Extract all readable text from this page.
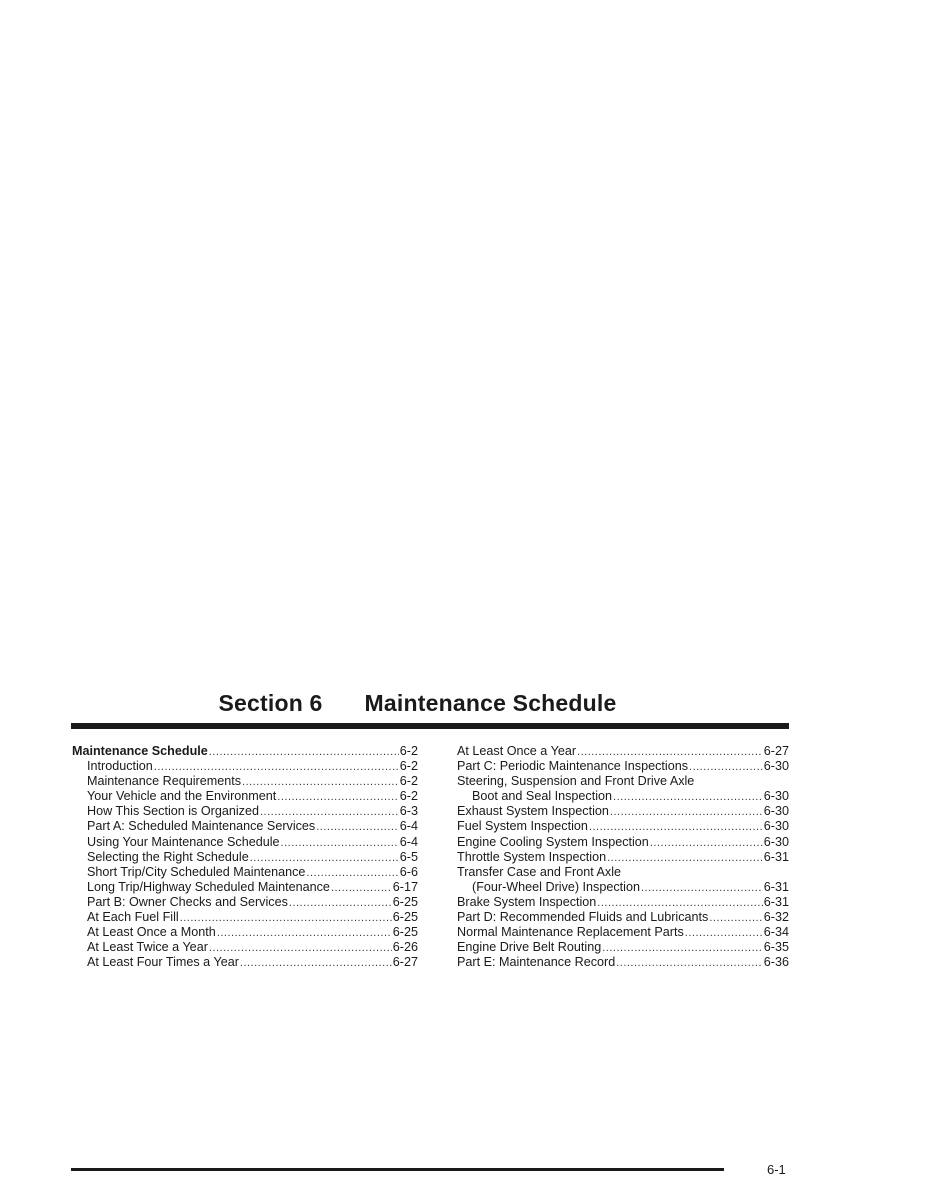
Section 6 Maintenance Schedule
Maintenance Schedule .....	6-2
Introduction .....	6-2
Maintenance Requirements .....	6-2
Your Vehicle and the Environment .....	6-2
How This Section is Organized .....	6-3
Part A: Scheduled Maintenance Services .....	6-4
Using Your Maintenance Schedule .....	6-4
Selecting the Right Schedule .....	6-5
Short Trip/City Scheduled Maintenance .....	6-6
Long Trip/Highway Scheduled Maintenance .....	6-17
Part B: Owner Checks and Services .....	6-25
At Each Fuel Fill .....	6-25
At Least Once a Month .....	6-25
At Least Twice a Year .....	6-26
At Least Four Times a Year .....	6-27
At Least Once a Year .....	6-27
Part C: Periodic Maintenance Inspections .....	6-30
Steering, Suspension and Front Drive Axle
Boot and Seal Inspection .....	6-30
Exhaust System Inspection .....	6-30
Fuel System Inspection .....	6-30
Engine Cooling System Inspection .....	6-30
Throttle System Inspection .....	6-31
Transfer Case and Front Axle
(Four-Wheel Drive) Inspection .....	6-31
Brake System Inspection .....	6-31
Part D: Recommended Fluids and Lubricants .....	6-32
Normal Maintenance Replacement Parts .....	6-34
Engine Drive Belt Routing .....	6-35
Part E: Maintenance Record .....	6-36
6-1
